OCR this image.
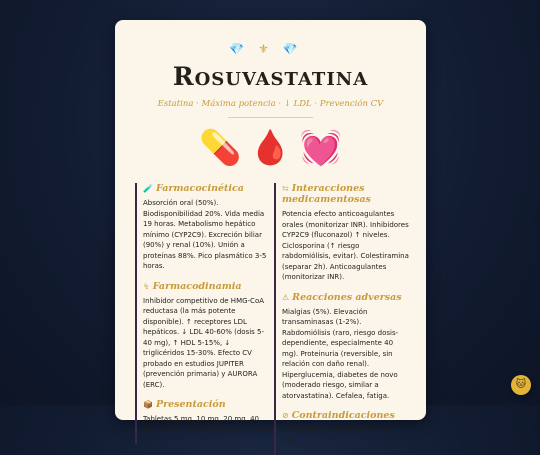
💎⚜💎
Rosuvastatina
Estatina · Máxima potencia · ↓ LDL · Prevención CV
💊 🩸 💓
🧪 Farmacocinética

Absorción oral (50%). Biodisponibilidad 20%. Vida media 19 horas. Metabolismo hepático mínimo (CYP2C9). Excreción biliar (90%) y renal (10%). Unión a proteínas 88%. Pico plasmático 3-5 horas.

↯ Farmacodinamia

Inhibidor competitivo de HMG-CoA reductasa (la más potente disponible). ↑ receptores LDL hepáticos. ↓ LDL 40-60% (dosis 5-40 mg), ↑ HDL 5-15%, ↓ triglicéridos 15-30%. Efecto CV probado en estudios JUPITER (prevención primaria) y AURORA (ERC).

📦 Presentación

Tabletas 5 mg, 10 mg, 20 mg, 40 mg. Marca: Crestor®. Rosuvastatina

⇆ Interacciones medicamentosas

Potencia efecto anticoagulantes orales (monitorizar INR). Inhibidores CYP2C9 (fluconazol) ↑ niveles. Ciclosporina (↑ riesgo rabdomiólisis, evitar). Colestiramina (separar 2h). Anticoagulantes (monitorizar INR).

⚠ Reacciones adversas

Mialgias (5%). Elevación transaminasas (1-2%). Rabdomiólisis (raro, riesgo dosis-dependiente, especialmente 40 mg). Proteinuria (reversible, sin relación con daño renal). Hiperglucemia, diabetes de novo (moderado riesgo, similar a atorvastatina). Cefalea, fatiga.

⊘ Contraindicaciones

Enfermedad hepática activa (ALT >3x

🐱
